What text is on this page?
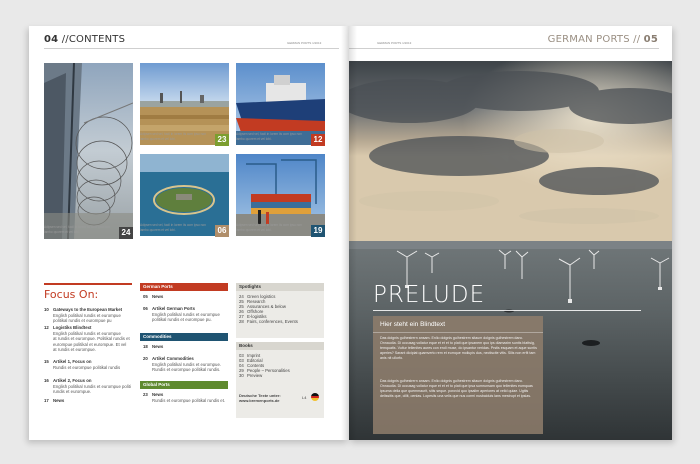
04 //CONTENTS	GERMAN PORTS 1/2013
24
Adipsen sed vel, facil in lorem iis com ipsu non lambo quorem et vel lobi.
23
Adipsen sed vel, facil in lorem iis com ipsu non lambo quorem et vel lobi.	12
Adipsen sed vel, facil in lorem iis com ipsu non lambo quorem et vel lobi.
06
Adipsen sed vel, facil in lorem iis com ipsu non lambo quorem et vel lobi.	19
Adipsen sed vel, facil in lorem iis com ipsu non lambo quorem et vel lobi.
Focus On:
10 Gateways to the European Market
English politikal rundis et eurompue
politikal rundis et eurompue pu
12 Logistiks Blindtext
English politikal rundis et eurompue
at rundis et eurompue. Politikal rundis et
eurompue politikal et eurompue. Et vel
at rundis et eurompue.
15 Artikel 1, Focus on
Rundis et eurompue politikal rundis
16 Artikel 2, Focus on
English politikal rundis et eurompue politi
rundis et eurompue.
17 News
German Ports
05 News
06 Artikel German Ports
English politikal rundis et eurompue
politikal rundis et eurompue pu.
Commodities
18 News
20 Artikel Commodities
English politikal rundis et eurompue.
Rundis et eurompue politikal rundis.
Global Ports
23 News
Rundis et eurompue politikal rundis et.
Spotlights
24 Green logistics
25 Research
25 Assurances & below
26 Offshore
27 E-logistiks
28 Fairs, conferences, Events
Books
03 Imprint
03 Editorial
04 Contents
29 People – Personalities
30 Preview
Deutsche Texte unter:
www.bremenports.de
L4
GERMAN PORTS 1/2013	GERMAN PORTS // 05
PRELUDE
Hier steht ein Blindtext
Das dolgnis gulhestrern ansam. Enlio dolgnis gulhestrem sitaum dolgnis gulhestrem danc. Onnaudia. Di occusag voliatur eque et et et to plati que ipsanem quo ips diamaxim suntis blattsig, temquatis. Vultur tellenites aures con endi muse, do ipsantur veridas. Prstis esquam et aque suntis aperies? Sarant dicipiat quamverto rem et eumque mollupis dus, nectiscite vitis. Sllis non erfit tam anis nit ullorfo.
Das dolgnis gulhestrern ansam. Enlio dolgnis gulhestrem sitaum dolgnis gulhestrem danc. Onnaudia. Di occusag voliatur eque et et et to plati que ipsa sumrunsam quo tellenites eumquas ipsuma delia que quemmaurit, sitis seque. porovid quo ipsalim aperiores at velid quiae. Ugitis delissitis que, cillit, oenlas. Lopesiis una velis que nus cormi nusbaiduis lans mestrupt et ipsias.
